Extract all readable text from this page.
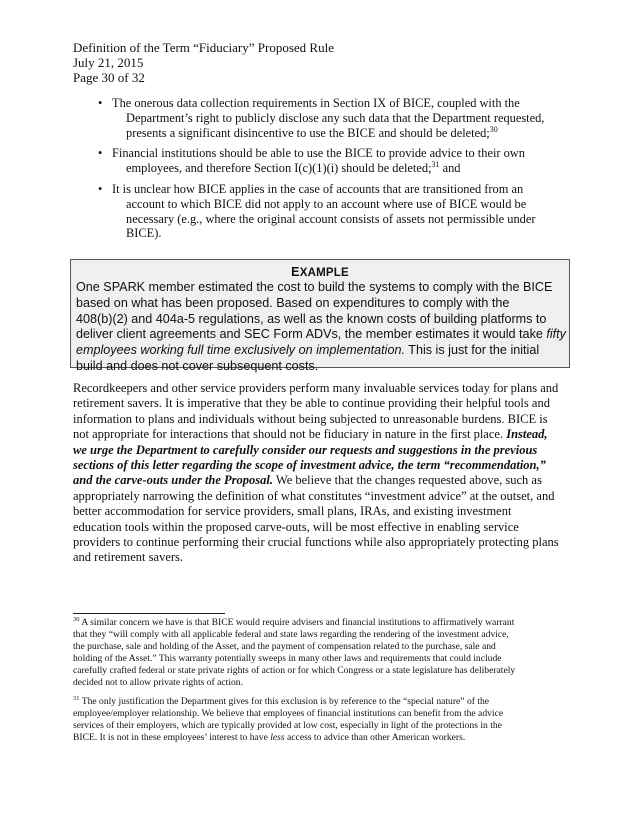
Definition of the Term “Fiduciary” Proposed Rule
July 21, 2015
Page 30 of 32
• The onerous data collection requirements in Section IX of BICE, coupled with the
Department’s right to publicly disclose any such data that the Department requested,
presents a significant disincentive to use the BICE and should be deleted;$^{30}$
• Financial institutions should be able to use the BICE to provide advice to their own
employees, and therefore Section I(c)(1)(i) should be deleted;$^{31}$ and
• It is unclear how BICE applies in the case of accounts that are transitioned from an
account to which BICE did not apply to an account where use of BICE would be
necessary (e.g., where the original account consists of assets not permissible under
BICE).
EXAMPLE
One SPARK member estimated the cost to build the systems to comply with the BICE
based on what has been proposed. Based on expenditures to comply with the
408(b)(2) and 404a-5 regulations, as well as the known costs of building platforms to
deliver client agreements and SEC Form ADVs, the member estimates it would take fifty
employees working full time exclusively on implementation. This is just for the initial
build and does not cover subsequent costs.
Recordkeepers and other service providers perform many invaluable services today for plans and
retirement savers. It is imperative that they be able to continue providing their helpful tools and
information to plans and individuals without being subjected to unreasonable burdens. BICE is
not appropriate for interactions that should not be fiduciary in nature in the first place. Instead,
we urge the Department to carefully consider our requests and suggestions in the previous
sections of this letter regarding the scope of investment advice, the term “recommendation,”
and the carve-outs under the Proposal. We believe that the changes requested above, such as
appropriately narrowing the definition of what constitutes “investment advice” at the outset, and
better accommodation for service providers, small plans, IRAs, and existing investment
education tools within the proposed carve-outs, will be most effective in enabling service
providers to continue performing their crucial functions while also appropriately protecting plans
and retirement savers.
$^{30}$ A similar concern we have is that BICE would require advisers and financial institutions to affirmatively warrant
that they “will comply with all applicable federal and state laws regarding the rendering of the investment advice,
the purchase, sale and holding of the Asset, and the payment of compensation related to the purchase, sale and
holding of the Asset.” This warranty potentially sweeps in many other laws and requirements that could include
carefully crafted federal or state private rights of action or for which Congress or a state legislature has deliberately
decided not to allow private rights of action.
$^{31}$ The only justification the Department gives for this exclusion is by reference to the “special nature” of the
employee/employer relationship. We believe that employees of financial institutions can benefit from the advice
services of their employers, which are typically provided at low cost, especially in light of the protections in the
BICE. It is not in these employees’ interest to have less access to advice than other American workers.
